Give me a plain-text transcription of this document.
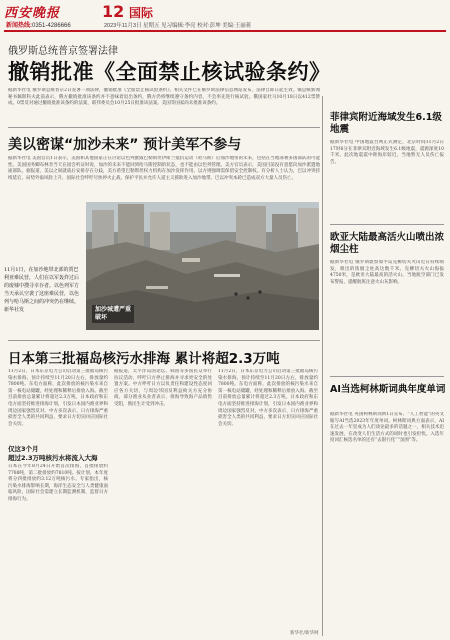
西安晚报
新闻热线:0351-4286666
12 国际
2023年11月3日 星期五 见习编辑:李亮 校对:彭坤 美编:王丽蒋
俄罗斯总统普京签署法律
撤销批准《全面禁止核试验条约》
据新华社电 俄罗斯总统普京2日签署一项法律，撤销批准《全面禁止核试验条约》。相关文件已在俄罗斯法律信息网站发布，法律自即日起生效。俄总统新闻秘书佩斯科夫此前表示，俄方撤销批准该条约并不意味着退出条约，俄方仍将继续遵守条约内容，不会率先进行核试验。俄国家杜马10月18日以412票赞成、0票反对通过撤销批准该条约的法案，联邦委员会10月25日批准该法案。美国等国家尚未批准该条约。
美以密谋“加沙未来” 预计美军不参与
据新华社电 美国官员1日表示，美国和其他国家正在讨论以色列摧毁巴勒斯坦伊斯兰抵抗运动（哈马斯）后加沙地带的未来，包括在当地部署多国部队的可能性。美国国务卿布林肯当天在国会听证时说，加沙的未来不能回到哈马斯控制的状态，也不能由以色列管理。美方官员表示，美国目前没有意愿向加沙派遣地面部队。据报道，美以之间就战后安排存在分歧，美方希望巴勒斯坦权力机构在加沙发挥作用。以方则强调需保留安全控制权。有分析人士认为，巴以冲突持续延宕，局势外溢风险上升，国际社会呼吁尽快停火止战，保护平民并允许人道主义援助进入加沙地带。巴以冲突本轮已造成双方大量人员伤亡。
加沙城遭严重破坏
11月1日，在加沙地带北部的贾巴利亚难民营，人们在以军轰炸过后的废墟中搜寻幸存者。以色列军方当天承认空袭了这座难民营，以色列与哈马斯之间的冲突仍在继续。新华社发
日本第三批福岛核污水排海 累计将超2.3万吨
11月2日，日本东京电力公司启动第三批福岛核污染水排海，预计持续至11月20日左右，排放量约7800吨。东电方面称，此次排放的核污染水来自第一核电站储罐，经处理和稀释后排放入海。截至目前排放总量累计将超过2.3万吨。日本政府和东电方面坚持推进排海计划，引发日本国内渔业界和周边国家强烈反对。中方多次表示，日方排海严重损害全人类的共同利益，要求日方切实回应国际社会关切。
仅这3个月
超过2.3万吨核污水将流入大海
日本在今年8月24日开始首次排海，首批排放约7788吨，第二批排放约7810吨。按计划，本年度将分四批排放约3.12万吨核污水。专家指出，核污染水排海影响长期，海洋生态安全与人类健康面临风险，国际社会需建立长期监测机制，监督日方排海行为。
据报道，太平洋岛国论坛、韩国等多国民众举行抗议活动，呼吁日方停止排海并寻求更安全的处置方案。中方呼吁日方以负责任和建设性态度回应各方关切，与周边邻国及利益攸关方充分协商。部分渔业从业者表示，排海导致海产品销售受阻，渔民生计受到冲击。
11月2日，日本东京电力公司启动第三批福岛核污染水排海，预计持续至11月20日左右，排放量约7800吨。东电方面称，此次排放的核污染水来自第一核电站储罐，经处理和稀释后排放入海。截至目前排放总量累计将超过2.3万吨。日本政府和东电方面坚持推进排海计划，引发日本国内渔业界和周边国家强烈反对。中方多次表示，日方排海严重损害全人类的共同利益，要求日方切实回应国际社会关切。
新华社/新华网
菲律宾附近海域发生6.1级地震
据新华社电 中国地震台网正式测定，北京时间11月2日17时6分在菲律宾附近海域发生6.1级地震，震源深度10千米。此次地震震中距海岸较近，当地暂无人员伤亡报告。
欧亚大陆最高活火山喷出浓烟尘柱
据新华社电 俄罗斯堪察加半岛克柳切夫火山近日持续喷发，喷出的浓烟尘柱高达数千米。克柳切夫火山海拔4750米，是欧亚大陆最高的活火山。当地航空部门已发布警报，提醒航班注意火山灰影响。
AI当选柯林斯词典年度单词
据新华社电 英国柯林斯词典1日宣布，“人工智能”的英文缩写AI当选2023年年度单词。柯林斯词典方面表示，AI在过去一年里成为人们谈论最多的话题之一，相关技术迅速发展，在改变人们生活方式的同时也引发担忧。入选年度词汇候选名单的还有“去银行化”“氛围”等。
